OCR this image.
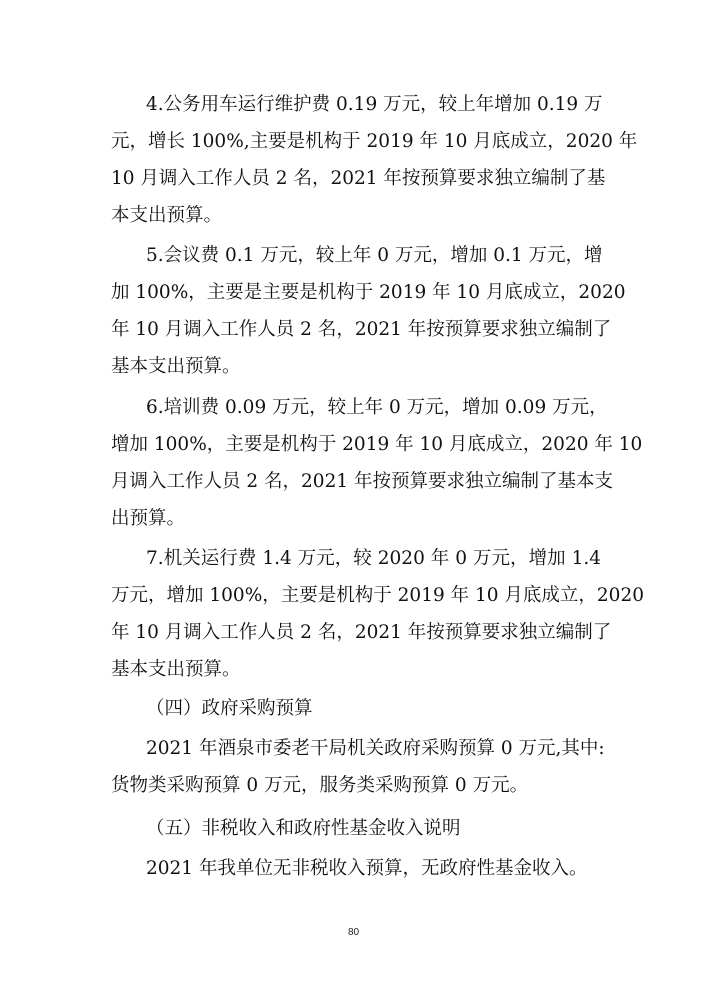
4.公务用车运行维护费 0.19 万元，较上年增加 0.19 万
元，增长 100%,主要是机构于 2019 年 10 月底成立，2020 年
10 月调入工作人员 2 名，2021 年按预算要求独立编制了基
本支出预算。
5.会议费 0.1 万元，较上年 0 万元，增加 0.1 万元，增
加 100%，主要是主要是机构于 2019 年 10 月底成立，2020
年 10 月调入工作人员 2 名，2021 年按预算要求独立编制了
基本支出预算。
6.培训费 0.09 万元，较上年 0 万元，增加 0.09 万元，
增加 100%，主要是机构于 2019 年 10 月底成立，2020 年 10
月调入工作人员 2 名，2021 年按预算要求独立编制了基本支
出预算。
7.机关运行费 1.4 万元，较 2020 年 0 万元，增加 1.4
万元，增加 100%，主要是机构于 2019 年 10 月底成立，2020
年 10 月调入工作人员 2 名，2021 年按预算要求独立编制了
基本支出预算。
（四）政府采购预算
2021 年酒泉市委老干局机关政府采购预算 0 万元,其中:
货物类采购预算 0 万元，服务类采购预算 0 万元。
（五）非税收入和政府性基金收入说明
2021 年我单位无非税收入预算，无政府性基金收入。
80
